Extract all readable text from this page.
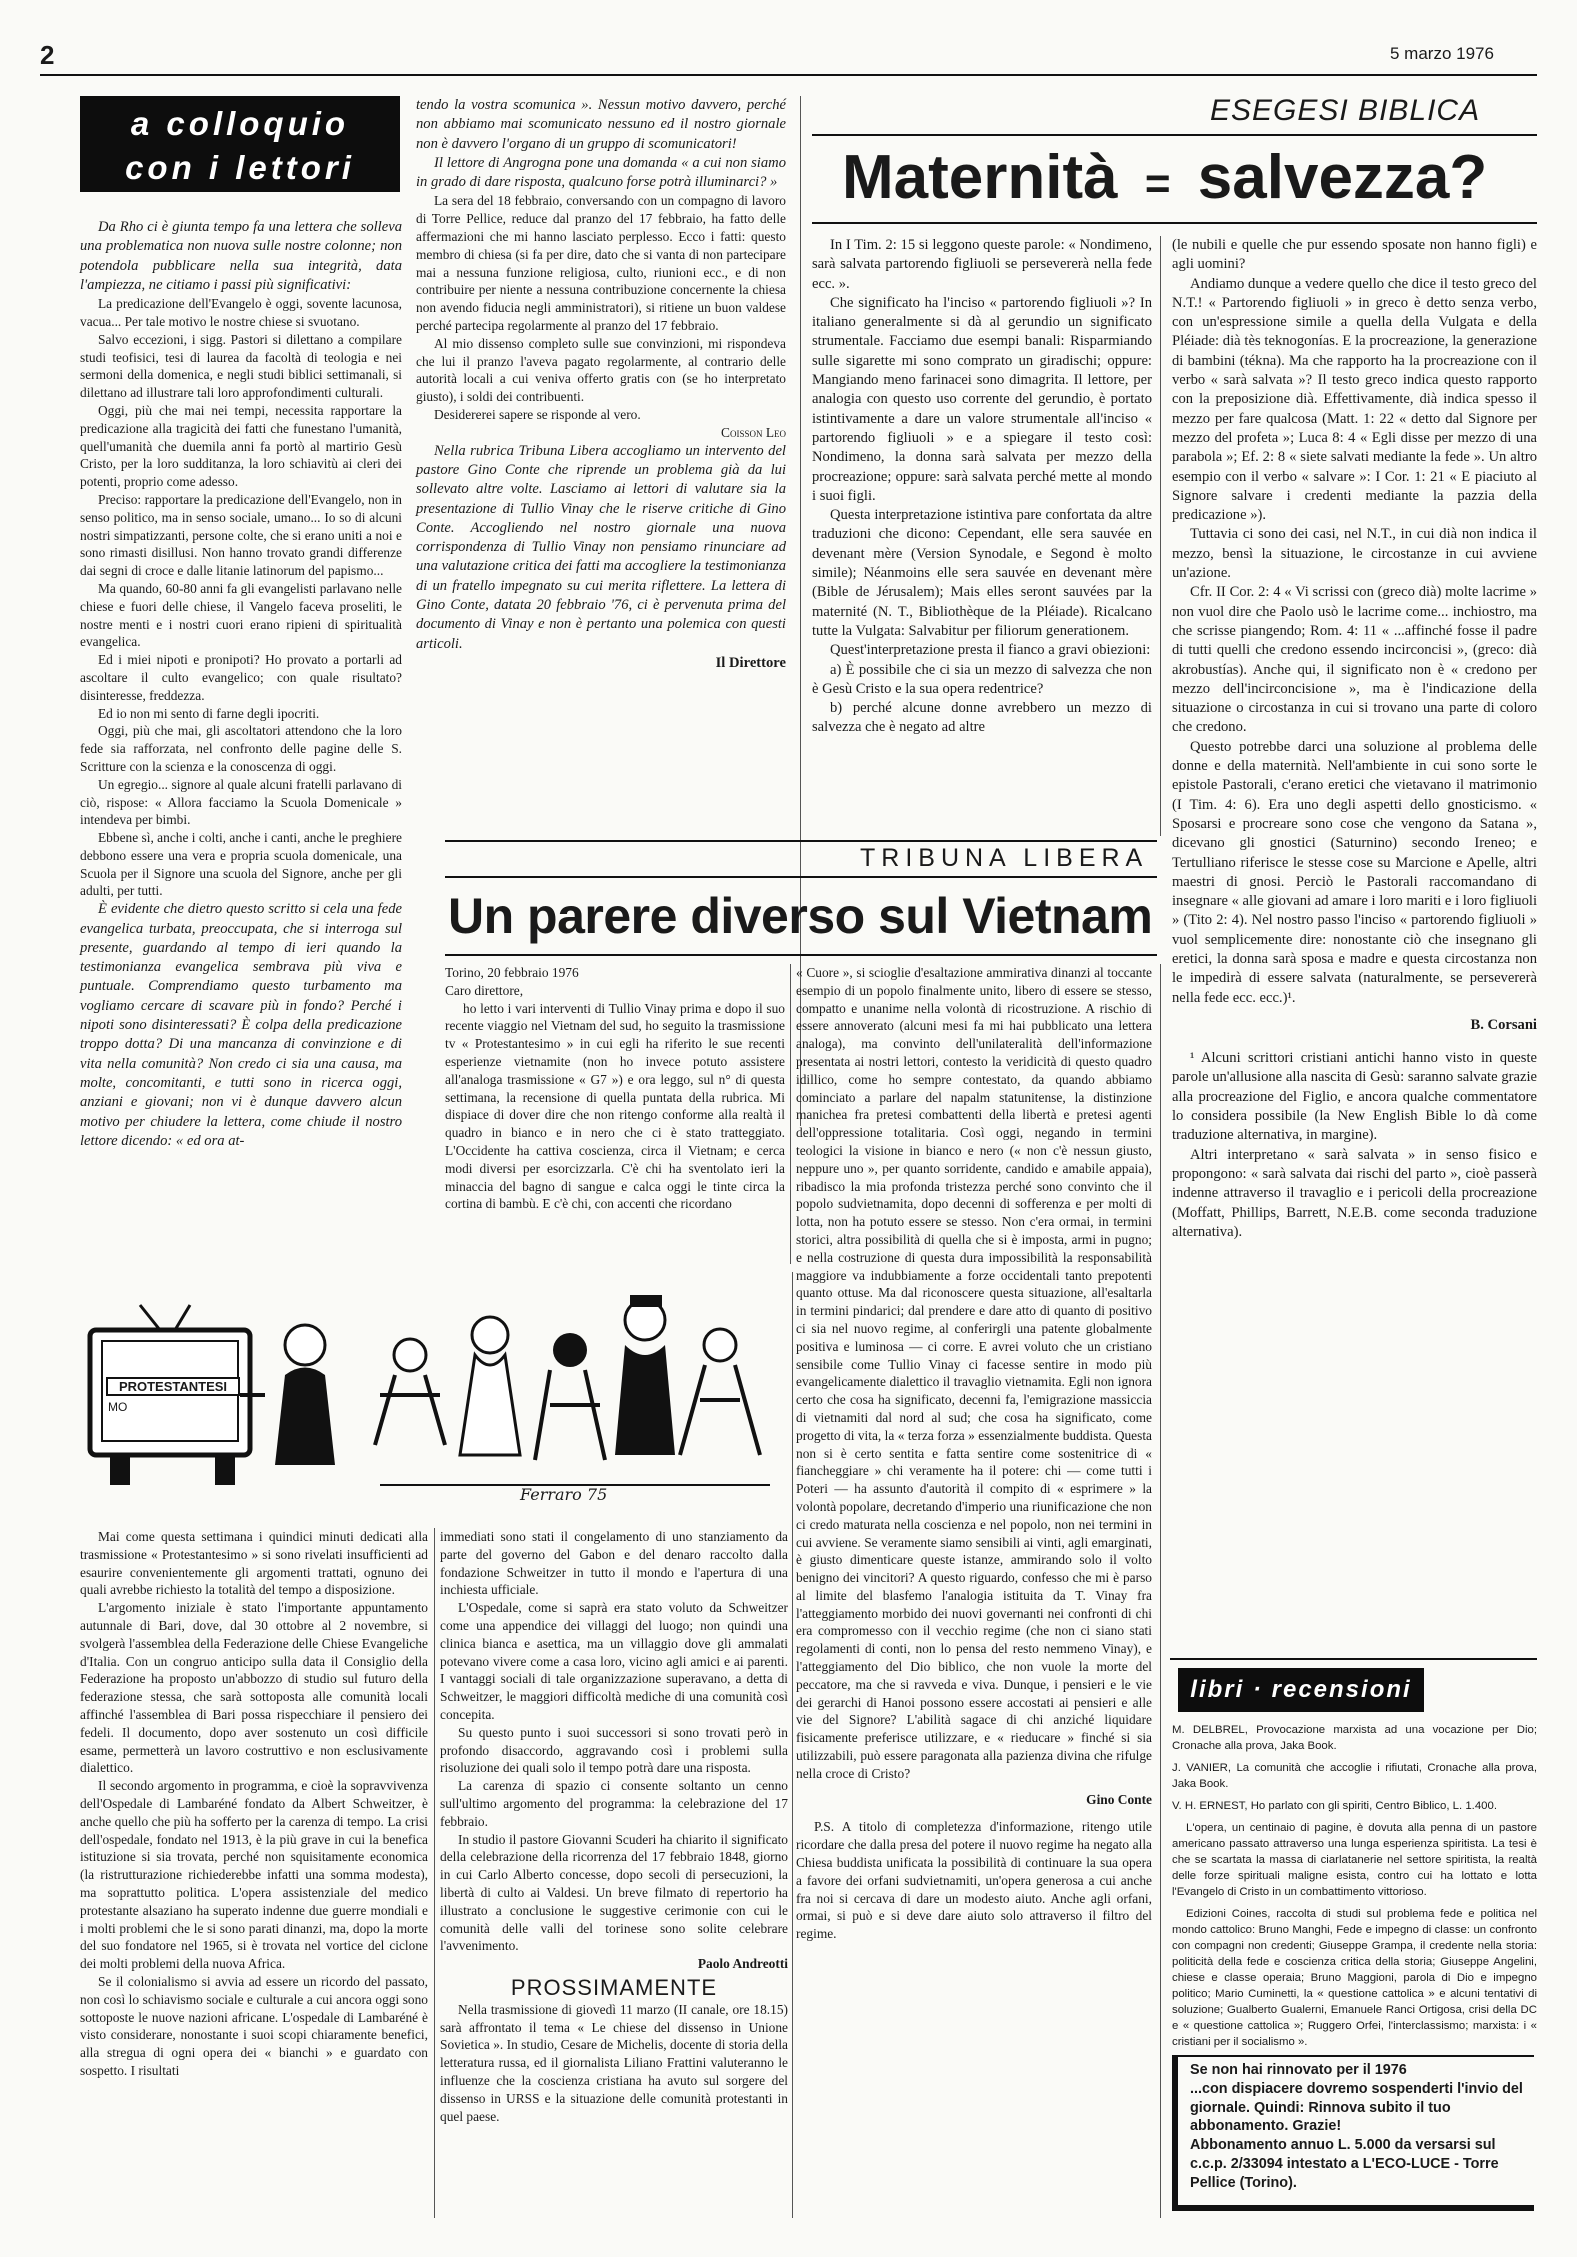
2	5 marzo 1976
a colloquio
con i lettori

Da Rho ci è giunta tempo fa una lettera che solleva una problematica non nuova sulle nostre colonne; non potendola pubblicare nella sua integrità, data l'ampiezza, ne citiamo i passi più significativi:

La predicazione dell'Evangelo è oggi, sovente lacunosa, vacua... Per tale motivo le nostre chiese si svuotano.

Salvo eccezioni, i sigg. Pastori si dilettano a compilare studi teofisici, tesi di laurea da facoltà di teologia e nei sermoni della domenica, e negli studi biblici settimanali, si dilettano ad illustrare tali loro approfondimenti culturali.

Oggi, più che mai nei tempi, necessita rapportare la predicazione alla tragicità dei fatti che funestano l'umanità, quell'umanità che duemila anni fa portò al martirio Gesù Cristo, per la loro sudditanza, la loro schiavitù ai cleri dei potenti, proprio come adesso.

Preciso: rapportare la predicazione dell'Evangelo, non in senso politico, ma in senso sociale, umano... Io so di alcuni nostri simpatizzanti, persone colte, che si erano uniti a noi e sono rimasti disillusi. Non hanno trovato grandi differenze dai segni di croce e dalle litanie latinorum del papismo...

Ma quando, 60-80 anni fa gli evangelisti parlavano nelle chiese e fuori delle chiese, il Vangelo faceva proseliti, le nostre menti e i nostri cuori erano ripieni di spiritualità evangelica.

Ed i miei nipoti e pronipoti? Ho provato a portarli ad ascoltare il culto evangelico; con quale risultato? disinteresse, freddezza.

Ed io non mi sento di farne degli ipocriti.

Oggi, più che mai, gli ascoltatori attendono che la loro fede sia rafforzata, nel confronto delle pagine delle S. Scritture con la scienza e la conoscenza di oggi.

Un egregio... signore al quale alcuni fratelli parlavano di ciò, rispose: « Allora facciamo la Scuola Domenicale » intendeva per bimbi.

Ebbene sì, anche i colti, anche i canti, anche le preghiere debbono essere una vera e propria scuola domenicale, una Scuola per il Signore una scuola del Signore, anche per gli adulti, per tutti.

È evidente che dietro questo scritto si cela una fede evangelica turbata, preoccupata, che si interroga sul presente, guardando al tempo di ieri quando la testimonianza evangelica sembrava più viva e puntuale. Comprendiamo questo turbamento ma vogliamo cercare di scavare più in fondo? Perché i nipoti sono disinteressati? È colpa della predicazione troppo dotta? Di una mancanza di convinzione e di vita nella comunità? Non credo ci sia una causa, ma molte, concomitanti, e tutti sono in ricerca oggi, anziani e giovani; non vi è dunque davvero alcun motivo per chiudere la lettera, come chiude il nostro lettore dicendo: « ed ora at-

tendo la vostra scomunica ». Nessun motivo davvero, perché non abbiamo mai scomunicato nessuno ed il nostro giornale non è davvero l'organo di un gruppo di scomunicatori!

Il lettore di Angrogna pone una domanda « a cui non siamo in grado di dare risposta, qualcuno forse potrà illuminarci? »

La sera del 18 febbraio, conversando con un compagno di lavoro di Torre Pellice, reduce dal pranzo del 17 febbraio, ha fatto delle affermazioni che mi hanno lasciato perplesso. Ecco i fatti: questo membro di chiesa (si fa per dire, dato che si vanta di non partecipare mai a nessuna funzione religiosa, culto, riunioni ecc., e di non contribuire per niente a nessuna contribuzione concernente la chiesa non avendo fiducia negli amministratori), si ritiene un buon valdese perché partecipa regolarmente al pranzo del 17 febbraio.

Al mio dissenso completo sulle sue convinzioni, mi rispondeva che lui il pranzo l'aveva pagato regolarmente, al contrario delle autorità locali a cui veniva offerto gratis con (se ho interpretato giusto), i soldi dei contribuenti.

Desidererei sapere se risponde al vero.

Coisson Leo

Nella rubrica Tribuna Libera accogliamo un intervento del pastore Gino Conte che riprende un problema già da lui sollevato altre volte. Lasciamo ai lettori di valutare sia la presentazione di Tullio Vinay che le riserve critiche di Gino Conte. Accogliendo nel nostro giornale una nuova corrispondenza di Tullio Vinay non pensiamo rinunciare ad una valutazione critica dei fatti ma accogliere la testimonianza di un fratello impegnato su cui merita riflettere. La lettera di Gino Conte, datata 20 febbraio '76, ci è pervenuta prima del documento di Vinay e non è pertanto una polemica con questi articoli.

Il Direttore

ESEGESI BIBLICA
Maternità = salvezza?

In I Tim. 2: 15 si leggono queste parole: « Nondimeno, sarà salvata partorendo figliuoli se persevererà nella fede ecc. ».

Che significato ha l'inciso « partorendo figliuoli »? In italiano generalmente si dà al gerundio un significato strumentale. Facciamo due esempi banali: Risparmiando sulle sigarette mi sono comprato un giradischi; oppure: Mangiando meno farinacei sono dimagrita. Il lettore, per analogia con questo uso corrente del gerundio, è portato istintivamente a dare un valore strumentale all'inciso « partorendo figliuoli » e a spiegare il testo così: Nondimeno, la donna sarà salvata per mezzo della procreazione; oppure: sarà salvata perché mette al mondo i suoi figli.

Questa interpretazione istintiva pare confortata da altre traduzioni che dicono: Cependant, elle sera sauvée en devenant mère (Version Synodale, e Segond è molto simile); Néanmoins elle sera sauvée en devenant mère (Bible de Jérusalem); Mais elles seront sauvées par la maternité (N. T., Bibliothèque de la Pléiade). Ricalcano tutte la Vulgata: Salvabitur per filiorum generationem.

Quest'interpretazione presta il fianco a gravi obiezioni:

a) È possibile che ci sia un mezzo di salvezza che non è Gesù Cristo e la sua opera redentrice?

b) perché alcune donne avrebbero un mezzo di salvezza che è negato ad altre

(le nubili e quelle che pur essendo sposate non hanno figli) e agli uomini?

Andiamo dunque a vedere quello che dice il testo greco del N.T.! « Partorendo figliuoli » in greco è detto senza verbo, con un'espressione simile a quella della Vulgata e della Pléiade: dià tès teknogonías. E la procreazione, la generazione di bambini (tékna). Ma che rapporto ha la procreazione con il verbo « sarà salvata »? Il testo greco indica questo rapporto con la preposizione dià. Effettivamente, dià indica spesso il mezzo per fare qualcosa (Matt. 1: 22 « detto dal Signore per mezzo del profeta »; Luca 8: 4 « Egli disse per mezzo di una parabola »; Ef. 2: 8 « siete salvati mediante la fede ». Un altro esempio con il verbo « salvare »: I Cor. 1: 21 « E piaciuto al Signore salvare i credenti mediante la pazzia della predicazione »).

Tuttavia ci sono dei casi, nel N.T., in cui dià non indica il mezzo, bensì la situazione, le circostanze in cui avviene un'azione.

Cfr. II Cor. 2: 4 « Vi scrissi con (greco dià) molte lacrime » non vuol dire che Paolo usò le lacrime come... inchiostro, ma che scrisse piangendo; Rom. 4: 11 « ...affinché fosse il padre di tutti quelli che credono essendo incirconcisi », (greco: dià akrobustías). Anche qui, il significato non è « credono per mezzo dell'incirconcisione », ma è l'indicazione della situazione o circostanza in cui si trovano una parte di coloro che credono.

Questo potrebbe darci una soluzione al problema delle donne e della maternità. Nell'ambiente in cui sono sorte le epistole Pastorali, c'erano eretici che vietavano il matrimonio (I Tim. 4: 6). Era uno degli aspetti dello gnosticismo. « Sposarsi e procreare sono cose che vengono da Satana », dicevano gli gnostici (Saturnino) secondo Ireneo; e Tertulliano riferisce le stesse cose su Marcione e Apelle, altri maestri di gnosi. Perciò le Pastorali raccomandano di insegnare « alle giovani ad amare i loro mariti e i loro figliuoli » (Tito 2: 4). Nel nostro passo l'inciso « partorendo figliuoli » vuol semplicemente dire: nonostante ciò che insegnano gli eretici, la donna sarà sposa e madre e questa circostanza non le impedirà di essere salvata (naturalmente, se persevererà nella fede ecc. ecc.)¹.

B. Corsani

¹ Alcuni scrittori cristiani antichi hanno visto in queste parole un'allusione alla nascita di Gesù: saranno salvate grazie alla procreazione del Figlio, e ancora qualche commentatore lo considera possibile (la New English Bible lo dà come traduzione alternativa, in margine).

Altri interpretano « sarà salvata » in senso fisico e propongono: « sarà salvata dai rischi del parto », cioè passerà indenne attraverso il travaglio e i pericoli della procreazione (Moffatt, Phillips, Barrett, N.E.B. come seconda traduzione alternativa).

TRIBUNA LIBERA
Un parere diverso sul Vietnam

Torino, 20 febbraio 1976

Caro direttore,

ho letto i vari interventi di Tullio Vinay prima e dopo il suo recente viaggio nel Vietnam del sud, ho seguito la trasmissione tv « Protestantesimo » in cui egli ha riferito le sue recenti esperienze vietnamite (non ho invece potuto assistere all'analoga trasmissione « G7 ») e ora leggo, sul n° di questa settimana, la recensione di quella puntata della rubrica. Mi dispiace di dover dire che non ritengo conforme alla realtà il quadro in bianco e in nero che ci è stato tratteggiato. L'Occidente ha cattiva coscienza, circa il Vietnam; e cerca modi diversi per esorcizzarla. C'è chi ha sventolato ieri la minaccia del bagno di sangue e calca oggi le tinte circa la cortina di bambù. E c'è chi, con accenti che ricordano

« Cuore », si scioglie d'esaltazione ammirativa dinanzi al toccante esempio di un popolo finalmente unito, libero di essere se stesso, compatto e unanime nella volontà di ricostruzione. A rischio di essere annoverato (alcuni mesi fa mi hai pubblicato una lettera analoga), ma convinto dell'unilateralità dell'informazione presentata ai nostri lettori, contesto la veridicità di questo quadro idillico, come ho sempre contestato, da quando abbiamo cominciato a parlare del napalm statunitense, la distinzione manichea fra pretesi combattenti della libertà e pretesi agenti dell'oppressione totalitaria. Così oggi, negando in termini teologici la visione in bianco e nero (« non c'è nessun giusto, neppure uno », per quanto sorridente, candido e amabile appaia), ribadisco la mia profonda tristezza perché sono convinto che il popolo sudvietnamita, dopo decenni di sofferenza e per molti di lotta, non ha potuto essere se stesso. Non c'era ormai, in termini storici, altra possibilità di quella che si è imposta, armi in pugno; e nella costruzione di questa dura impossibilità la responsabilità maggiore va indubbiamente a forze occidentali tanto prepotenti quanto ottuse. Ma dal riconoscere questa situazione, all'esaltarla in termini pindarici; dal prendere e dare atto di quanto di positivo ci sia nel nuovo regime, al conferirgli una patente globalmente positiva e luminosa — ci corre. E avrei voluto che un cristiano sensibile come Tullio Vinay ci facesse sentire in modo più evangelicamente dialettico il travaglio vietnamita. Egli non ignora certo che cosa ha significato, decenni fa, l'emigrazione massiccia di vietnamiti dal nord al sud; che cosa ha significato, come progetto di vita, la « terza forza » essenzialmente buddista. Questa non si è certo sentita e fatta sentire come sostenitrice di « fiancheggiare » chi veramente ha il potere: chi — come tutti i Poteri — ha assunto d'autorità il compito di « esprimere » la volontà popolare, decretando d'imperio una riunificazione che non ci credo maturata nella coscienza e nel popolo, non nei termini in cui avviene. Se veramente siamo sensibili ai vinti, agli emarginati, è giusto dimenticare queste istanze, ammirando solo il volto benigno dei vincitori? A questo riguardo, confesso che mi è parso al limite del blasfemo l'analogia istituita da T. Vinay fra l'atteggiamento morbido dei nuovi governanti nei confronti di chi era compromesso con il vecchio regime (che non ci siano stati regolamenti di conti, non lo pensa del resto nemmeno Vinay), e l'atteggiamento del Dio biblico, che non vuole la morte del peccatore, ma che si ravveda e viva. Dunque, i pensieri e le vie dei gerarchi di Hanoi possono essere accostati ai pensieri e alle vie del Signore? L'abilità sagace di chi anziché liquidare fisicamente preferisce utilizzare, e « rieducare » finché si sia utilizzabili, può essere paragonata alla pazienza divina che rifulge nella croce di Cristo?

Gino Conte

P.S. A titolo di completezza d'informazione, ritengo utile ricordare che dalla presa del potere il nuovo regime ha negato alla Chiesa buddista unificata la possibilità di continuare la sua opera a favore dei orfani sudvietnamiti, un'opera generosa a cui anche fra noi si cercava di dare un modesto aiuto. Anche agli orfani, ormai, si può e si deve dare aiuto solo attraverso il filtro del regime.

PROTESTANTESI
MO
Ferraro 75

Mai come questa settimana i quindici minuti dedicati alla trasmissione « Protestantesimo » si sono rivelati insufficienti ad esaurire convenientemente gli argomenti trattati, ognuno dei quali avrebbe richiesto la totalità del tempo a disposizione.

L'argomento iniziale è stato l'importante appuntamento autunnale di Bari, dove, dal 30 ottobre al 2 novembre, si svolgerà l'assemblea della Federazione delle Chiese Evangeliche d'Italia. Con un congruo anticipo sulla data il Consiglio della Federazione ha proposto un'abbozzo di studio sul futuro della federazione stessa, che sarà sottoposta alle comunità locali affinché l'assemblea di Bari possa rispecchiare il pensiero dei fedeli. Il documento, dopo aver sostenuto un così difficile esame, permetterà un lavoro costruttivo e non esclusivamente dialettico.

Il secondo argomento in programma, e cioè la sopravvivenza dell'Ospedale di Lambaréné fondato da Albert Schweitzer, è anche quello che più ha sofferto per la carenza di tempo. La crisi dell'ospedale, fondato nel 1913, è la più grave in cui la benefica istituzione si sia trovata, perché non squisitamente economica (la ristrutturazione richiederebbe infatti una somma modesta), ma soprattutto politica. L'opera assistenziale del medico protestante alsaziano ha superato indenne due guerre mondiali e i molti problemi che le si sono parati dinanzi, ma, dopo la morte del suo fondatore nel 1965, si è trovata nel vortice del ciclone dei molti problemi della nuova Africa.

Se il colonialismo si avvia ad essere un ricordo del passato, non così lo schiavismo sociale e culturale a cui ancora oggi sono sottoposte le nuove nazioni africane. L'ospedale di Lambaréné è visto considerare, nonostante i suoi scopi chiaramente benefici, alla stregua di ogni opera dei « bianchi » e guardato con sospetto. I risultati

immediati sono stati il congelamento di uno stanziamento da parte del governo del Gabon e del denaro raccolto dalla fondazione Schweitzer in tutto il mondo e l'apertura di una inchiesta ufficiale.

L'Ospedale, come si saprà era stato voluto da Schweitzer come una appendice dei villaggi del luogo; non quindi una clinica bianca e asettica, ma un villaggio dove gli ammalati potevano vivere come a casa loro, vicino agli amici e ai parenti. I vantaggi sociali di tale organizzazione superavano, a detta di Schweitzer, le maggiori difficoltà mediche di una comunità così concepita.

Su questo punto i suoi successori si sono trovati però in profondo disaccordo, aggravando così i problemi sulla risoluzione dei quali solo il tempo potrà dare una risposta.

La carenza di spazio ci consente soltanto un cenno sull'ultimo argomento del programma: la celebrazione del 17 febbraio.

In studio il pastore Giovanni Scuderi ha chiarito il significato della celebrazione della ricorrenza del 17 febbraio 1848, giorno in cui Carlo Alberto concesse, dopo secoli di persecuzioni, la libertà di culto ai Valdesi. Un breve filmato di repertorio ha illustrato a conclusione le suggestive cerimonie con cui le comunità delle valli del torinese sono solite celebrare l'avvenimento.

Paolo Andreotti

PROSSIMAMENTE

Nella trasmissione di giovedì 11 marzo (II canale, ore 18.15) sarà affrontato il tema « Le chiese del dissenso in Unione Sovietica ». In studio, Cesare de Michelis, docente di storia della letteratura russa, ed il giornalista Liliano Frattini valuteranno le influenze che la coscienza cristiana ha avuto sul sorgere del dissenso in URSS e la situazione delle comunità protestanti in quel paese.

libri · recensioni
M. DELBREL, Provocazione marxista ad una vocazione per Dio; Cronache alla prova, Jaka Book.
J. VANIER, La comunità che accoglie i rifiutati, Cronache alla prova, Jaka Book.
V. H. ERNEST, Ho parlato con gli spiriti, Centro Biblico, L. 1.400.
L'opera, un centinaio di pagine, è dovuta alla penna di un pastore americano passato attraverso una lunga esperienza spiritista. La tesi è che se scartata la massa di ciarlatanerie nel settore spiritista, la realtà delle forze spirituali maligne esista, contro cui ha lottato e lotta l'Evangelo di Cristo in un combattimento vittorioso.
Edizioni Coines, raccolta di studi sul problema fede e politica nel mondo cattolico: Bruno Manghi, Fede e impegno di classe: un confronto con compagni non credenti; Giuseppe Grampa, il credente nella storia: politicità della fede e coscienza critica della storia; Giuseppe Angelini, chiese e classe operaia; Bruno Maggioni, parola di Dio e impegno politico; Mario Cuminetti, la « questione cattolica » e alcuni tentativi di soluzione; Gualberto Gualerni, Emanuele Ranci Ortigosa, crisi della DC e « questione cattolica »; Ruggero Orfei, l'interclassismo; marxista: i « cristiani per il socialismo ».
Se non hai rinnovato per il 1976
...con dispiacere dovremo sospenderti l'invio del giornale. Quindi: Rinnova subito il tuo abbonamento. Grazie!
Abbonamento annuo L. 5.000 da versarsi sul c.c.p. 2/33094 intestato a L'ECO-LUCE - Torre Pellice (Torino).
